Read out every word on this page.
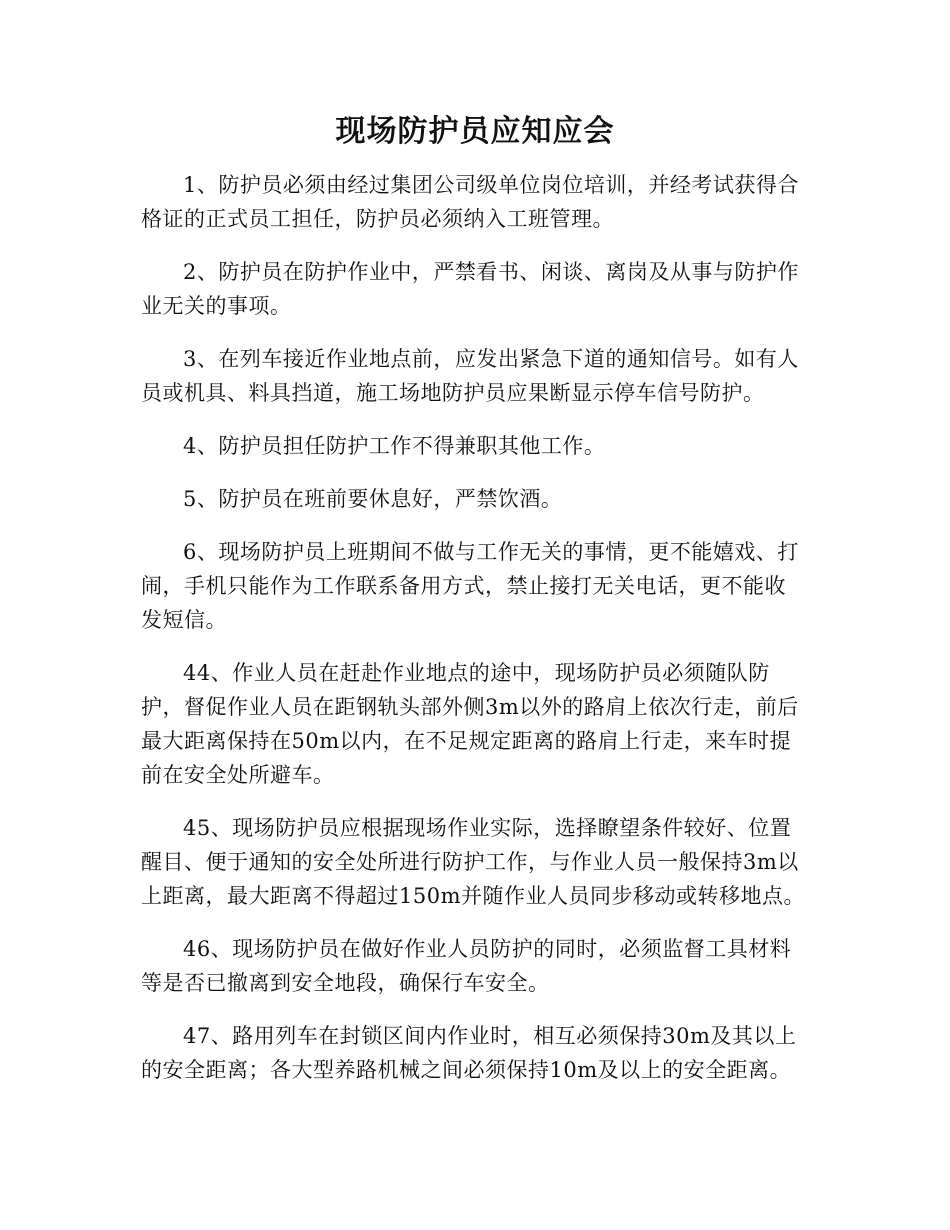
现场防护员应知应会

1、防护员必须由经过集团公司级单位岗位培训，并经考试获得合格证的正式员工担任，防护员必须纳入工班管理。

2、防护员在防护作业中，严禁看书、闲谈、离岗及从事与防护作业无关的事项。

3、在列车接近作业地点前，应发出紧急下道的通知信号。如有人员或机具、料具挡道，施工场地防护员应果断显示停车信号防护。

4、防护员担任防护工作不得兼职其他工作。

5、防护员在班前要休息好，严禁饮酒。

6、现场防护员上班期间不做与工作无关的事情，更不能嬉戏、打闹，手机只能作为工作联系备用方式，禁止接打无关电话，更不能收发短信。

44、作业人员在赶赴作业地点的途中，现场防护员必须随队防护，督促作业人员在距钢轨头部外侧3m以外的路肩上依次行走，前后最大距离保持在50m以内，在不足规定距离的路肩上行走，来车时提前在安全处所避车。

45、现场防护员应根据现场作业实际，选择瞭望条件较好、位置醒目、便于通知的安全处所进行防护工作，与作业人员一般保持3m以上距离，最大距离不得超过150m并随作业人员同步移动或转移地点。

46、现场防护员在做好作业人员防护的同时，必须监督工具材料等是否已撤离到安全地段，确保行车安全。

47、路用列车在封锁区间内作业时，相互必须保持30m及其以上的安全距离；各大型养路机械之间必须保持10m及以上的安全距离。
